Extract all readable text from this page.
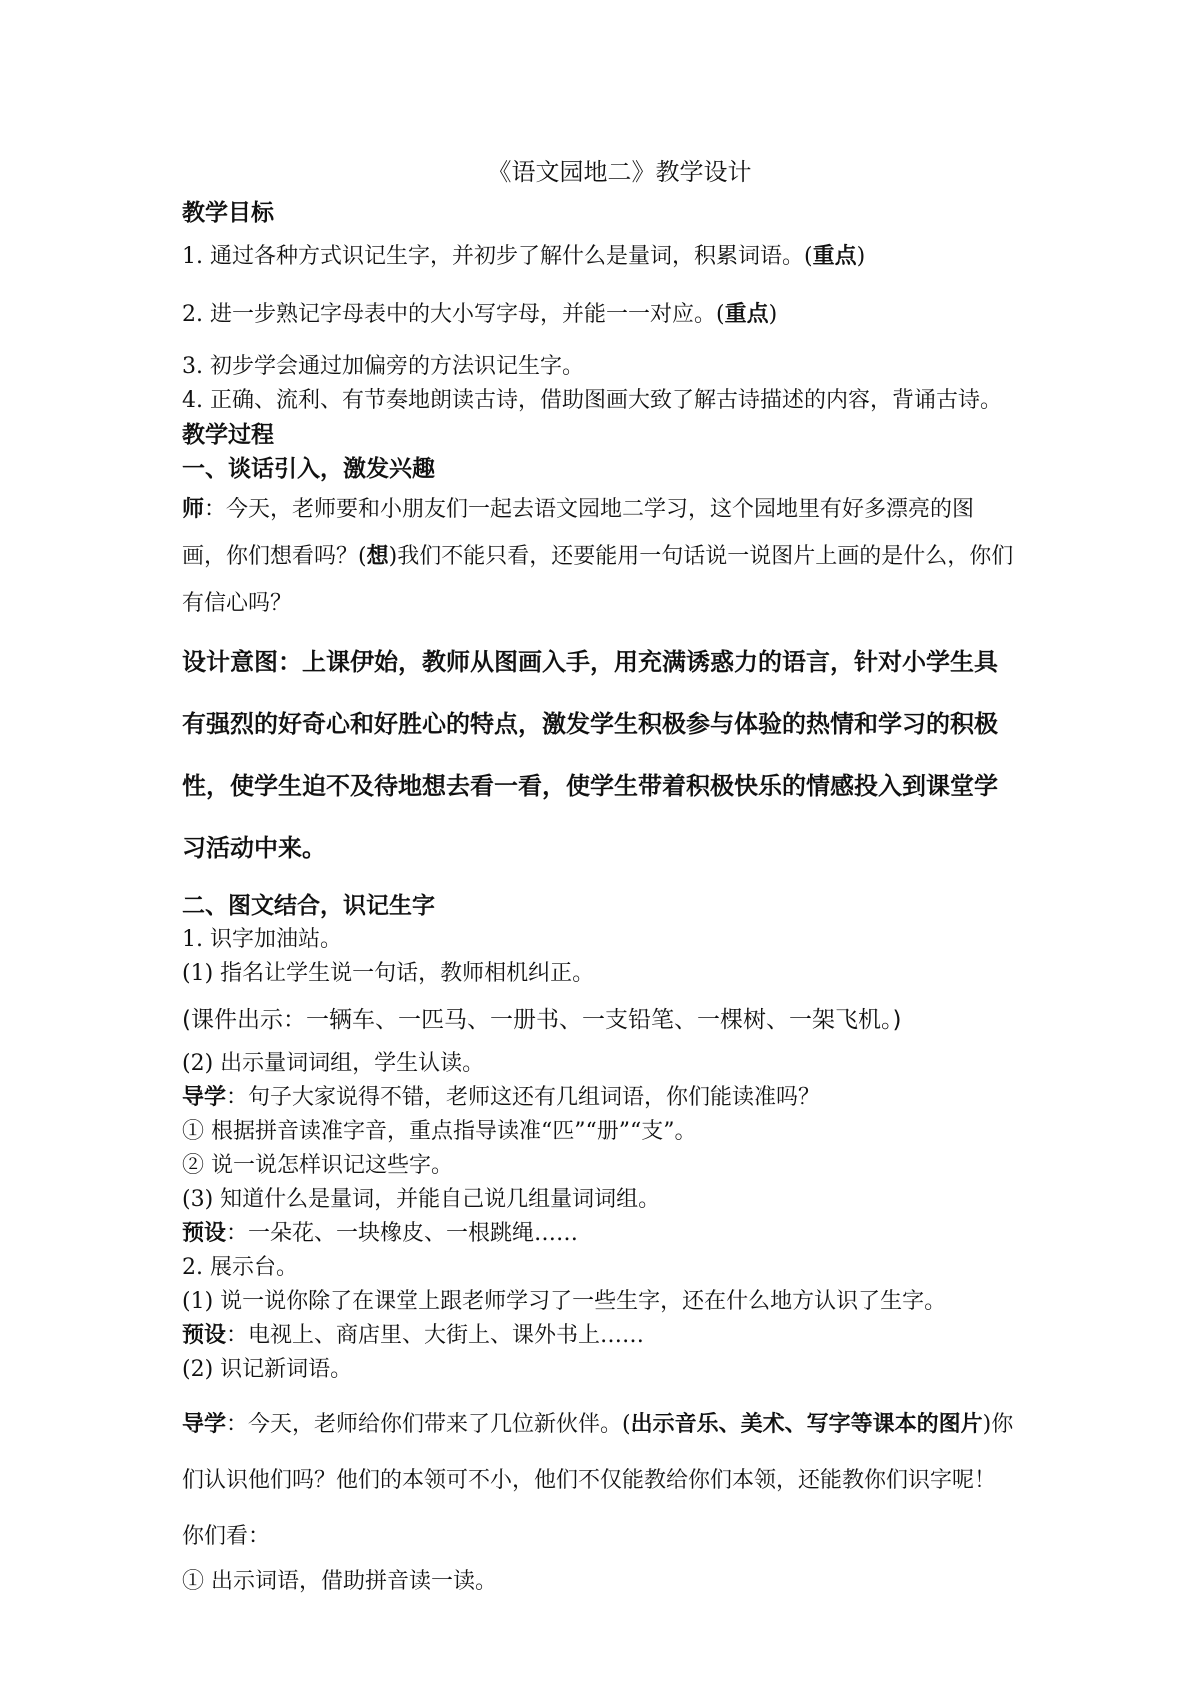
《语文园地二》教学设计

教学目标

1. 通过各种方式识记生字，并初步了解什么是量词，积累词语。(重点)

2. 进一步熟记字母表中的大小写字母，并能一一对应。(重点)

3. 初步学会通过加偏旁的方法识记生字。

4. 正确、流利、有节奏地朗读古诗，借助图画大致了解古诗描述的内容，背诵古诗。

教学过程

一、谈话引入，激发兴趣

师：今天，老师要和小朋友们一起去语文园地二学习，这个园地里有好多漂亮的图画，你们想看吗？(想)我们不能只看，还要能用一句话说一说图片上画的是什么，你们有信心吗？

设计意图：上课伊始，教师从图画入手，用充满诱惑力的语言，针对小学生具有强烈的好奇心和好胜心的特点，激发学生积极参与体验的热情和学习的积极性，使学生迫不及待地想去看一看，使学生带着积极快乐的情感投入到课堂学习活动中来。

二、图文结合，识记生字

1. 识字加油站。

(1) 指名让学生说一句话，教师相机纠正。

(课件出示：一辆车、一匹马、一册书、一支铅笔、一棵树、一架飞机。)

(2) 出示量词词组，学生认读。

导学：句子大家说得不错，老师这还有几组词语，你们能读准吗？

① 根据拼音读准字音，重点指导读准“匹”“册”“支”。

② 说一说怎样识记这些字。

(3) 知道什么是量词，并能自己说几组量词词组。

预设：一朵花、一块橡皮、一根跳绳……

2. 展示台。

(1) 说一说你除了在课堂上跟老师学习了一些生字，还在什么地方认识了生字。

预设：电视上、商店里、大街上、课外书上……

(2) 识记新词语。

导学：今天，老师给你们带来了几位新伙伴。(出示音乐、美术、写字等课本的图片)你们认识他们吗？他们的本领可不小，他们不仅能教给你们本领，还能教你们识字呢！你们看：

① 出示词语，借助拼音读一读。
